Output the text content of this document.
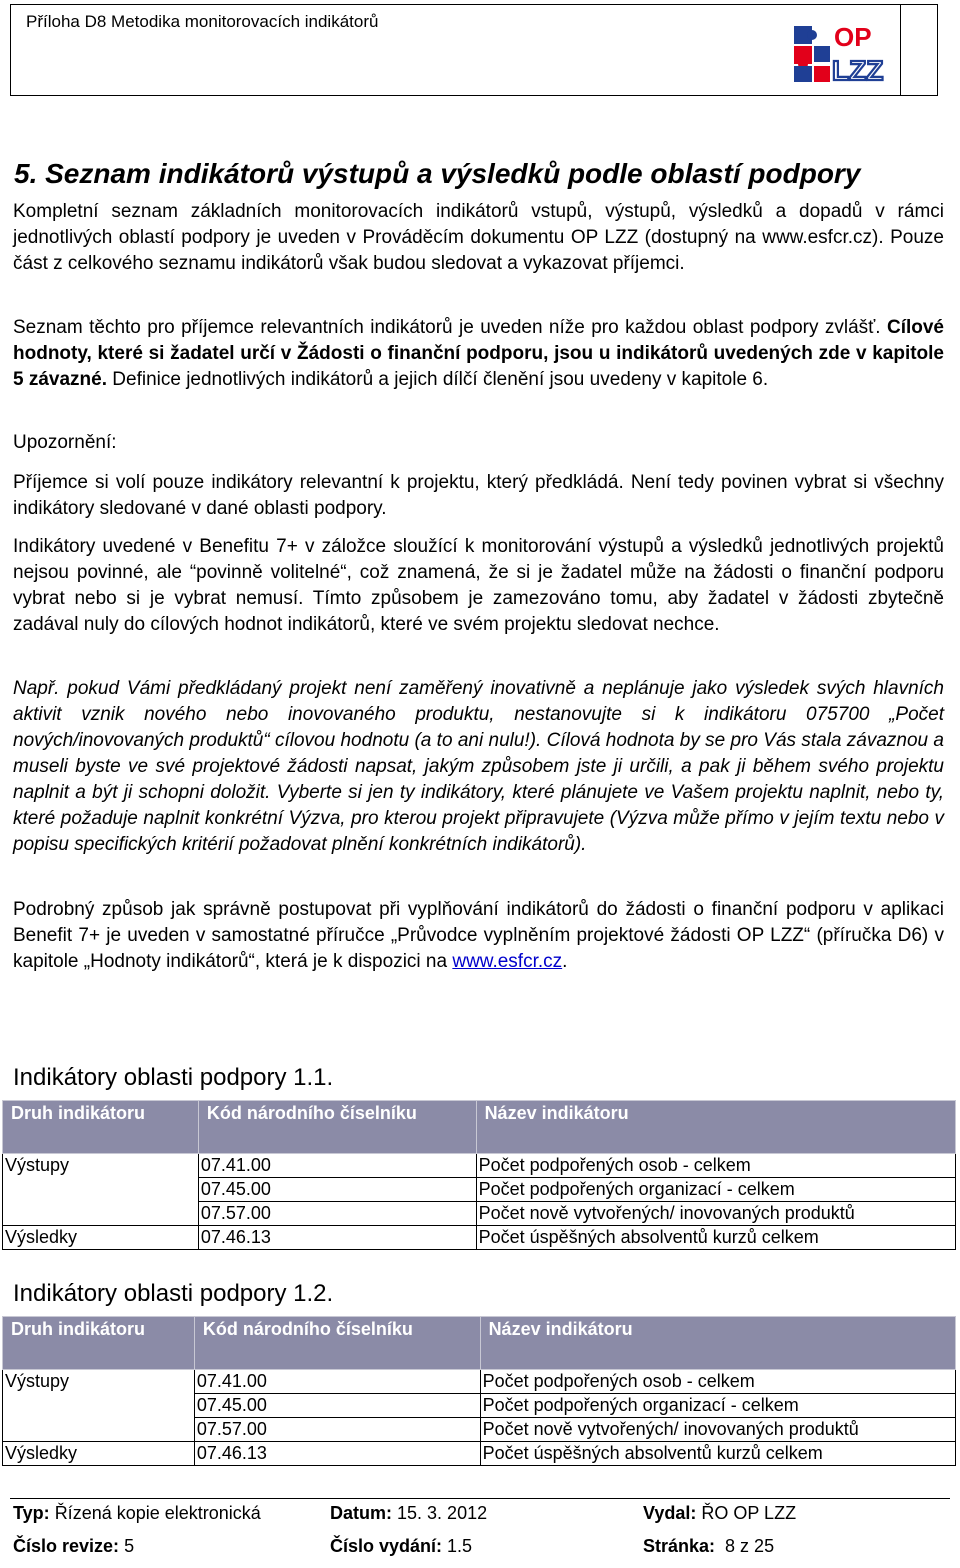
Příloha D8 Metodika monitorovacích indikátorů
OP
LZZ
5. Seznam indikátorů výstupů a výsledků podle oblastí podpory
Kompletní seznam základních monitorovacích indikátorů vstupů, výstupů, výsledků a dopadů v rámci jednotlivých oblastí podpory je uveden v Prováděcím dokumentu OP LZZ (dostupný na www.esfcr.cz). Pouze část z celkového seznamu indikátorů však budou sledovat a vykazovat příjemci.
Seznam těchto pro příjemce relevantních indikátorů je uveden níže pro každou oblast podpory zvlášť. Cílové hodnoty, které si žadatel určí v Žádosti o finanční podporu, jsou u indikátorů uvedených zde v kapitole 5 závazné. Definice jednotlivých indikátorů a jejich dílčí členění jsou uvedeny v kapitole 6.
Upozornění:
Příjemce si volí pouze indikátory relevantní k projektu, který předkládá. Není tedy povinen vybrat si všechny indikátory sledované v dané oblasti podpory.
Indikátory uvedené v Benefitu 7+ v záložce sloužící k monitorování výstupů a výsledků jednotlivých projektů nejsou povinné, ale “povinně volitelné“, což znamená, že si je žadatel může na žádosti o finanční podporu vybrat nebo si je vybrat nemusí. Tímto způsobem je zamezováno tomu, aby žadatel v žádosti zbytečně zadával nuly do cílových hodnot indikátorů, které ve svém projektu sledovat nechce.
Např. pokud Vámi předkládaný projekt není zaměřený inovativně a neplánuje jako výsledek svých hlavních aktivit vznik nového nebo inovovaného produktu, nestanovujte si k indikátoru 075700 „Počet nových/inovovaných produktů“ cílovou hodnotu (a to ani nulu!). Cílová hodnota by se pro Vás stala závaznou a museli byste ve své projektové žádosti napsat, jakým způsobem jste ji určili, a pak ji během svého projektu naplnit a být ji schopni doložit. Vyberte si jen ty indikátory, které plánujete ve Vašem projektu naplnit, nebo ty, které požaduje naplnit konkrétní Výzva, pro kterou projekt připravujete (Výzva může přímo v jejím textu nebo v popisu specifických kritérií požadovat plnění konkrétních indikátorů).
Podrobný způsob jak správně postupovat při vyplňování indikátorů do žádosti o finanční podporu v aplikaci Benefit 7+ je uveden v samostatné příručce „Průvodce vyplněním projektové žádosti OP LZZ“ (příručka D6) v kapitole „Hodnoty indikátorů“, která je k dispozici na www.esfcr.cz.
Indikátory oblasti podpory 1.1.
Druh indikátoru	Kód národního číselníku	Název indikátoru
Výstupy	07.41.00	Počet podpořených osob - celkem
	07.45.00	Počet podpořených organizací - celkem
	07.57.00	Počet nově vytvořených/ inovovaných produktů
Výsledky	07.46.13	Počet úspěšných absolventů kurzů celkem
Indikátory oblasti podpory 1.2.
Druh indikátoru	Kód národního číselníku	Název indikátoru
Výstupy	07.41.00	Počet podpořených osob - celkem
	07.45.00	Počet podpořených organizací - celkem
	07.57.00	Počet nově vytvořených/ inovovaných produktů
Výsledky	07.46.13	Počet úspěšných absolventů kurzů celkem
Typ: Řízená kopie elektronická	Datum: 15. 3. 2012	Vydal: ŘO OP LZZ
Číslo revize: 5	Číslo vydání: 1.5	Stránka: 8 z 25
